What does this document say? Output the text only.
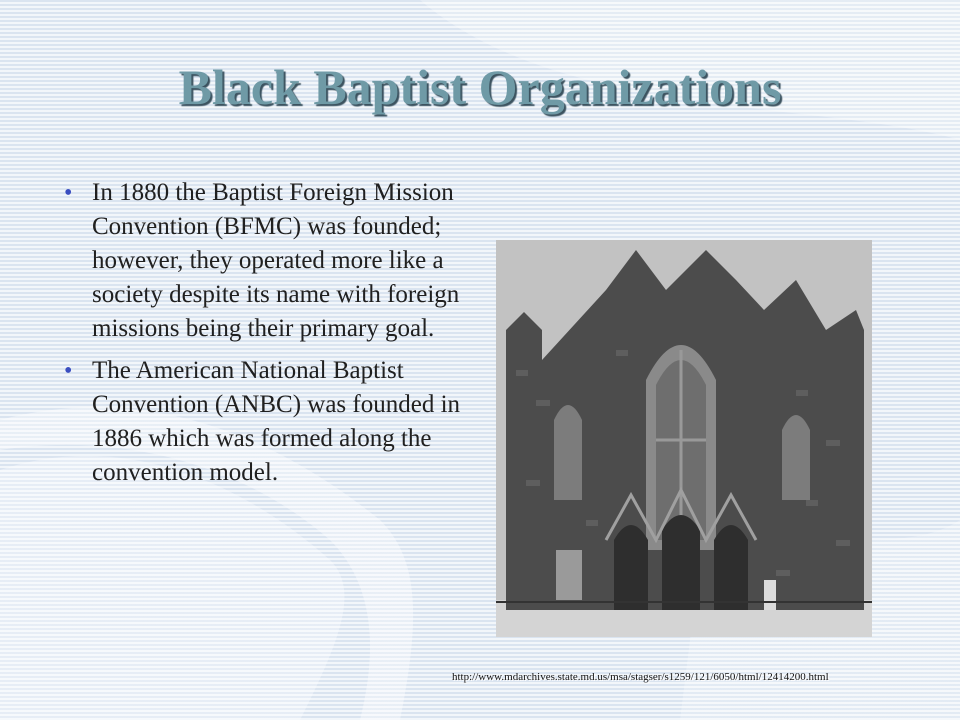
Black Baptist Organizations
• In 1880 the Baptist Foreign Mission Convention (BFMC) was founded; however, they operated more like a society despite its name with foreign missions being their primary goal.
• The American National Baptist Convention (ANBC) was founded in 1886 which was formed along the convention model.
http://www.mdarchives.state.md.us/msa/stagser/s1259/121/6050/html/12414200.html
